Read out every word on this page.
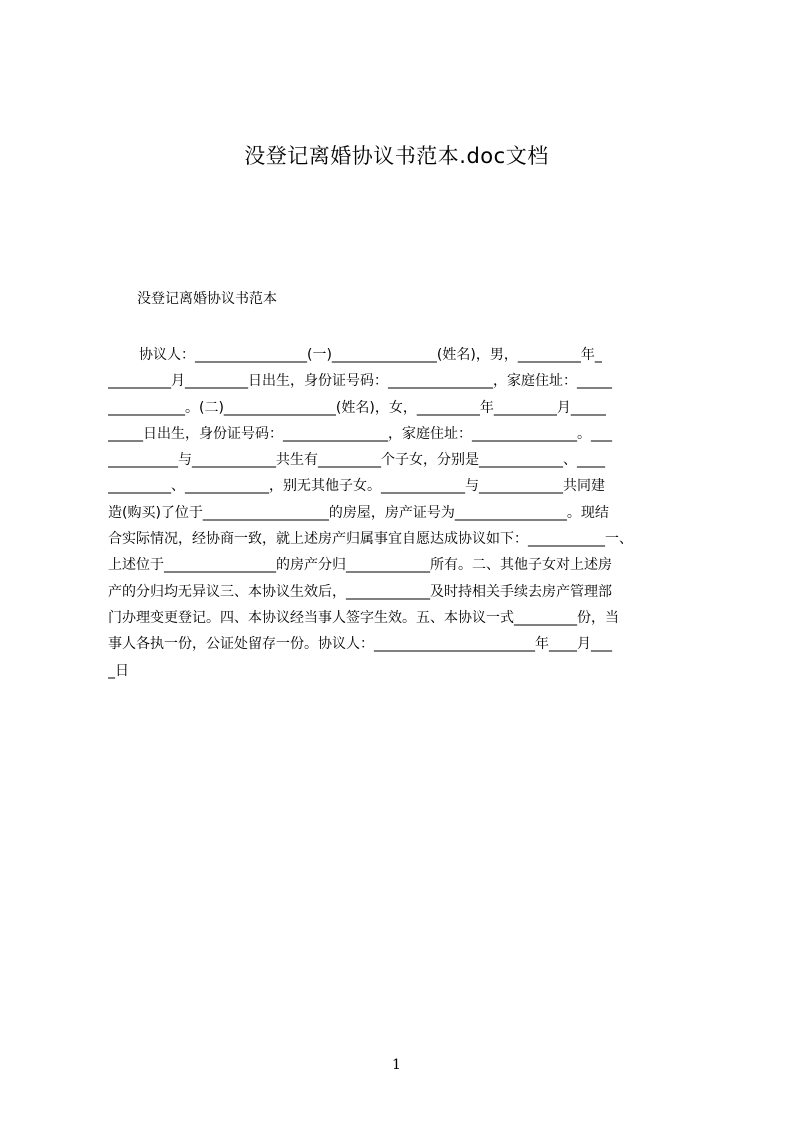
没登记离婚协议书范本.doc文档

没登记离婚协议书范本

协议人：________________(一)_______________(姓名)，男，_________年_
_________月_________日出生，身份证号码：_______________，家庭住址：_____
___________。(二)________________(姓名)，女，_________年_________月_____
_____日出生，身份证号码：_______________，家庭住址：_______________。___
__________与____________共生有_________个子女，分别是____________、____
_________、____________，别无其他子女。____________与____________共同建
造(购买)了位于__________________的房屋，房产证号为________________。现结
合实际情况，经协商一致，就上述房产归属事宜自愿达成协议如下：___________一、
上述位于________________的房产分归____________所有。二、其他子女对上述房
产的分归均无异议三、本协议生效后，____________及时持相关手续去房产管理部
门办理变更登记。四、本协议经当事人签字生效。五、本协议一式_________份，当
事人各执一份，公证处留存一份。协议人：_______________________年____月___
_日
1
